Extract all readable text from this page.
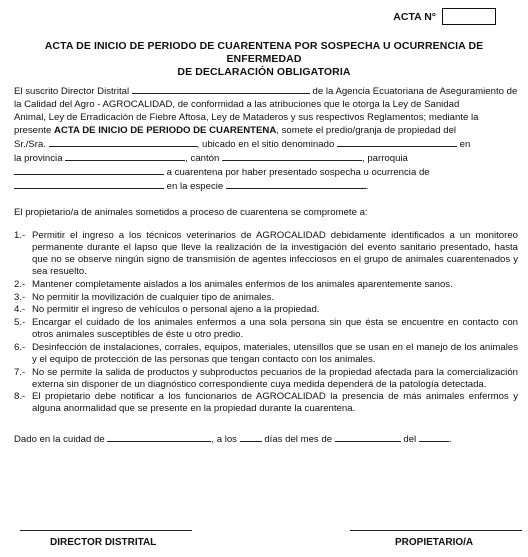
ACTA N°
ACTA DE INICIO DE PERIODO DE CUARENTENA POR SOSPECHA U OCURRENCIA DE ENFERMEDAD
DE DECLARACIÓN OBLIGATORIA
El suscrito Director Distrital	de la Agencia Ecuatoriana de Aseguramiento de
la Calidad del Agro - AGROCALIDAD, de conformidad a las atribuciones que le otorga la Ley de Sanidad
Animal, Ley de Erradicación de Fiebre Aftosa, Ley de Mataderos y sus respectivos Reglamentos; mediante la
presente ACTA DE INICIO DE PERIODO DE CUARENTENA, somete el predio/granja de propiedad del
Sr./Sra.	, ubicado en el sitio denominado	en
la provincia	, cantón	, parroquia
a cuarentena por haber presentado sospecha u ocurrencia de
en la especie	.
El propietario/a de animales sometidos a proceso de cuarentena se compromete a:
1.- Permitir el ingreso a los técnicos veterinarios de AGROCALIDAD debidamente identificados a un monitoreo permanente durante el lapso que lleve la realización de la investigación del evento sanitario presentado, hasta que no se observe ningún signo de transmisión de agentes infecciosos en el grupo de animales cuarentenados y sea resuelto.
2.- Mantener completamente aislados a los animales enfermos de los animales aparentemente sanos.
3.- No permitir la movilización de cualquier tipo de animales.
4.- No permitir el ingreso de vehículos o personal ajeno a la propiedad.
5.- Encargar el cuidado de los animales enfermos a una sola persona sin que ésta se encuentre en contacto con otros animales susceptibles de éste u otro predio.
6.- Desinfección de instalaciones, corrales, equipos, materiales, utensillos que se usan en el manejo de los animales y el equipo de protección de las personas que tengan contacto con los animales.
7.- No se permite la salida de productos y subproductos pecuarios de la propiedad afectada para la comercialización externa sin disponer de un diagnóstico correspondiente cuya medida dependerá de la patología detectada.
8.- El propietario debe notificar a los funcionarios de AGROCALIDAD la presencia de más animales enfermos y alguna anormalidad que se presente en la propiedad durante la cuarentena.
Dado en la cuidad de	, a los	días del mes de	del	.
DIRECTOR DISTRITAL	PROPIETARIO/A
